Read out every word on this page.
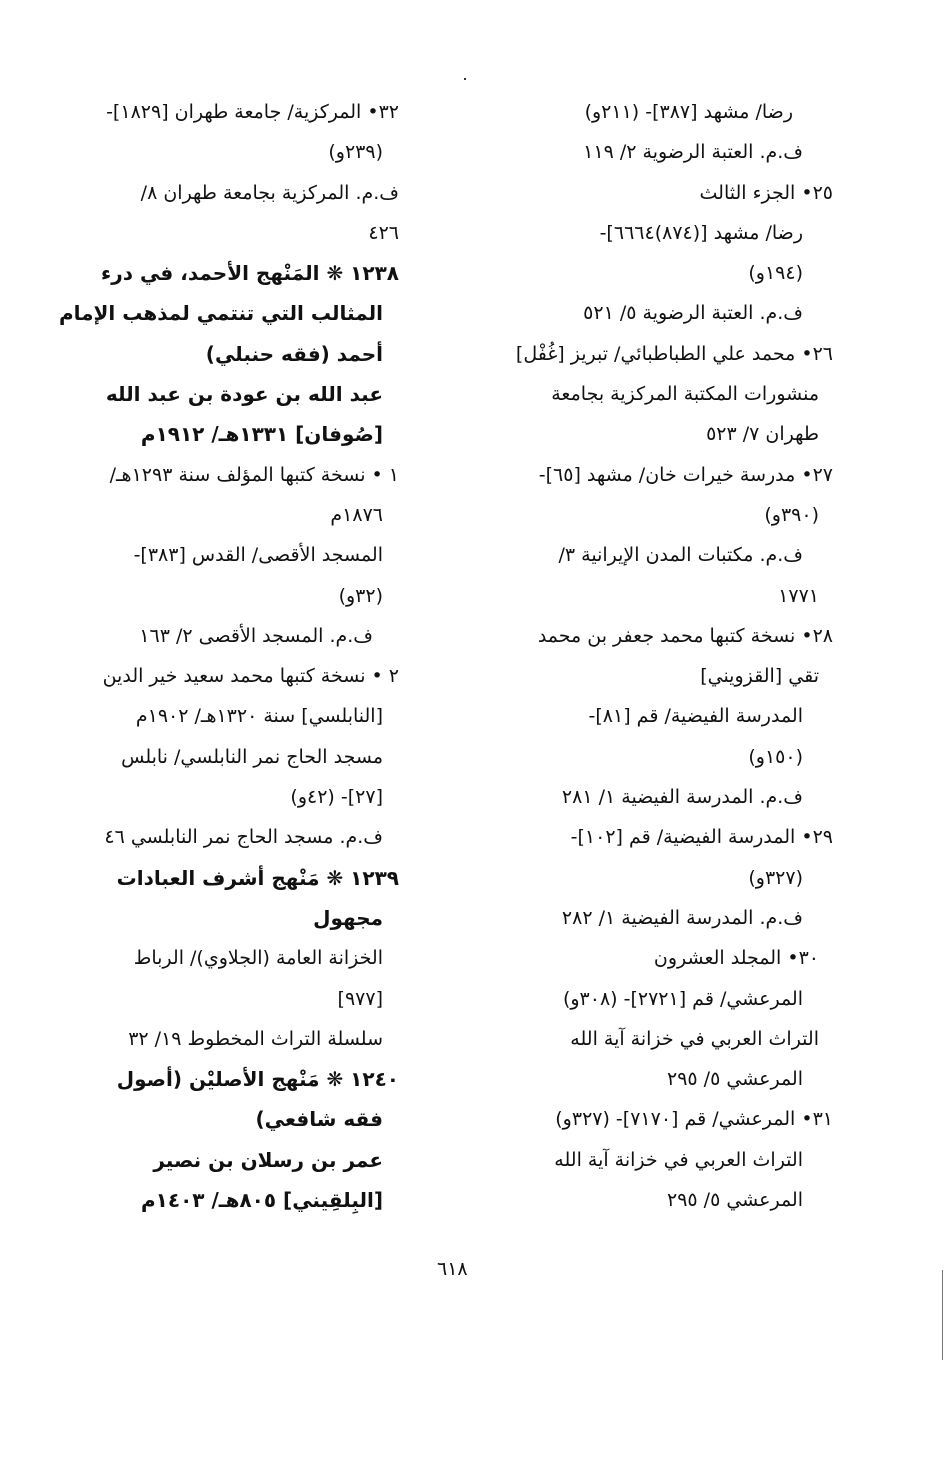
⁨رضا/ مشهد [٣٨٧]- (٢١١و)⁩
⁨ف.م. العتبة الرضوية ٢/ ١١٩⁩
⁨٢٥• الجزء الثالث⁩
⁨رضا/ مشهد [(٨٧٤)٦٦٦٤]-⁩
⁨(١٩٤و)⁩
⁨ف.م. العتبة الرضوية ٥/ ٥٢١⁩
⁨٢٦• محمد علي الطباطبائي/ تبريز [غُفْل]⁩
⁨منشورات المكتبة المركزية بجامعة⁩
⁨طهران ٧/ ٥٢٣⁩
⁨٢٧• مدرسة خيرات خان/ مشهد [٦٥]-⁩
⁨(٣٩٠و)⁩
⁨ف.م. مكتبات المدن الإيرانية ٣/⁩
⁨١٧٧١⁩
⁨٢٨• نسخة كتبها محمد جعفر بن محمد⁩
⁨تقي [القزويني]⁩
⁨المدرسة الفيضية/ قم [٨١]-⁩
⁨(١٥٠و)⁩
⁨ف.م. المدرسة الفيضية ١/ ٢٨١⁩
⁨٢٩• المدرسة الفيضية/ قم [١٠٢]-⁩
⁨(٣٢٧و)⁩
⁨ف.م. المدرسة الفيضية ١/ ٢٨٢⁩
⁨٣٠• المجلد العشرون⁩
⁨المرعشي/ قم [٢٧٢١]- (٣٠٨و)⁩
⁨التراث العربي في خزانة آية الله⁩
⁨المرعشي ٥/ ٢٩٥⁩
⁨٣١• المرعشي/ قم [٧١٧٠]- (٣٢٧و)⁩
⁨التراث العربي في خزانة آية الله⁩
⁨المرعشي ٥/ ٢٩٥⁩
⁨٣٢• المركزية/ جامعة طهران [١٨٢٩]-⁩
⁨(٢٣٩و)⁩
⁨ف.م. المركزية بجامعة طهران ٨/⁩
⁨٤٢٦⁩
⁨١٢٣٨ ❋ المَنْهج الأحمد، في درء⁩
⁨المثالب التي تنتمي لمذهب الإمام⁩
⁨أحمد (فقه حنبلي)⁩
⁨عبد الله بن عودة بن عبد الله⁩
⁨[صُوفان] ١٣٣١هـ/ ١٩١٢م⁩
⁨١ • نسخة كتبها المؤلف سنة ١٢٩٣هـ/⁩
⁨١٨٧٦م⁩
⁨المسجد الأقصى/ القدس [٣٨٣]-⁩
⁨(٣٢و)⁩
⁨ف.م. المسجد الأقصى ٢/ ١٦٣⁩
⁨٢ • نسخة كتبها محمد سعيد خير الدين⁩
⁨[النابلسي] سنة ١٣٢٠هـ/ ١٩٠٢م⁩
⁨مسجد الحاج نمر النابلسي/ نابلس⁩
⁨[٢٧]- (٤٢و)⁩
⁨ف.م. مسجد الحاج نمر النابلسي ٤٦⁩
⁨١٢٣٩ ❋ مَنْهج أشرف العبادات⁩
⁨مجهول⁩
⁨الخزانة العامة (الجلاوي)/ الرباط⁩
⁨[٩٧٧]⁩
⁨سلسلة التراث المخطوط ١٩/ ٣٢⁩
⁨١٢٤٠ ❋ مَنْهج الأصليْن (أصول⁩
⁨فقه شافعي)⁩
⁨عمر بن رسلان بن نصير⁩
⁨[البِلقِيني] ٨٠٥هـ/ ١٤٠٣م⁩
⁨٦١٨⁩
